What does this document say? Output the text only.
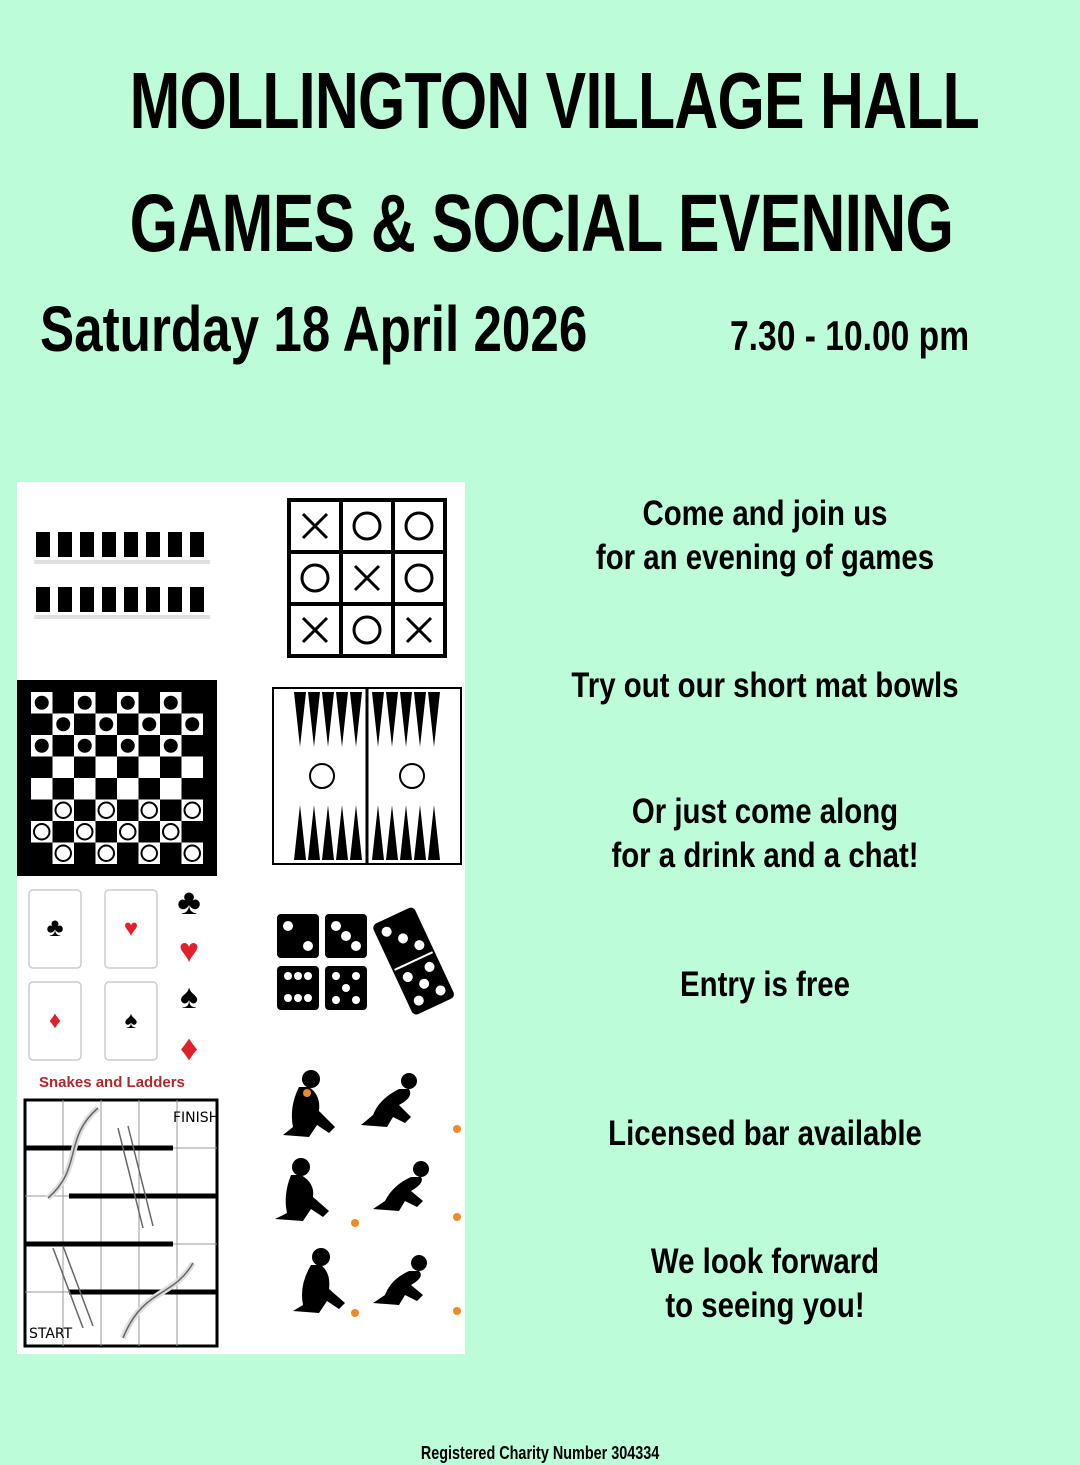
MOLLINGTON VILLAGE HALL
GAMES & SOCIAL EVENING
Saturday 18 April 2026	7.30 - 10.00 pm
♣	♥
♦	♠
♣
♥
♠
♦
Snakes and Ladders
FINISH
START

Come and join us

for an evening of games

Try out our short mat bowls

Or just come along

for a drink and a chat!

Entry is free

Licensed bar available

We look forward

to seeing you!

Registered Charity Number 304334
